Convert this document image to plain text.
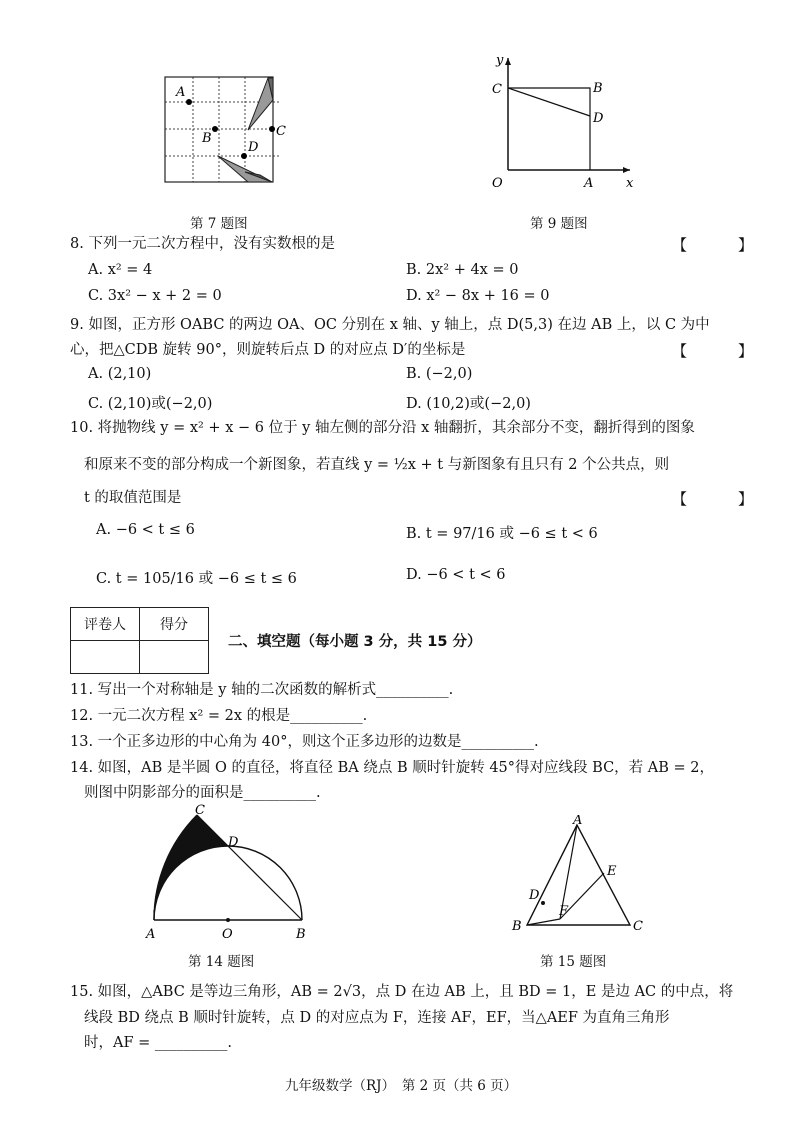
A
B	C
D
第 7 题图
y
x
O	A
B
C
D
第 9 题图
8. 下列一元二次方程中，没有实数根的是	【　】
A. x² = 4	B. 2x² + 4x = 0
C. 3x² − x + 2 = 0	D. x² − 8x + 16 = 0
9. 如图，正方形 OABC 的两边 OA、OC 分别在 x 轴、y 轴上，点 D(5,3) 在边 AB 上，以 C 为中
心，把△CDB 旋转 90°，则旋转后点 D 的对应点 D′的坐标是	【　】
A. (2,10)	B. (−2,0)
C. (2,10)或(−2,0)	D. (10,2)或(−2,0)
10. 将抛物线 y = x² + x − 6 位于 y 轴左侧的部分沿 x 轴翻折，其余部分不变，翻折得到的图象
和原来不变的部分构成一个新图象，若直线 y = ½x + t 与新图象有且只有 2 个公共点，则
t 的取值范围是	【　】
A. −6 < t ≤ 6	B. t = 97/16 或 −6 ≤ t < 6
C. t = 105/16 或 −6 ≤ t ≤ 6	D. −6 < t < 6
评卷人	得分

二、填空题（每小题 3 分，共 15 分）
11. 写出一个对称轴是 y 轴的二次函数的解析式__________.
12. 一元二次方程 x² = 2x 的根是__________.
13. 一个正多边形的中心角为 40°，则这个正多边形的边数是__________.
14. 如图，AB 是半圆 O 的直径，将直径 BA 绕点 B 顺时针旋转 45°得对应线段 BC，若 AB = 2，
则图中阴影部分的面积是__________.
A	O	B
C
D
第 14 题图
A
B	C
D
E
F
第 15 题图
15. 如图，△ABC 是等边三角形，AB = 2√3，点 D 在边 AB 上，且 BD = 1，E 是边 AC 的中点，将
线段 BD 绕点 B 顺时针旋转，点 D 的对应点为 F，连接 AF，EF，当△AEF 为直角三角形
时，AF = __________.
九年级数学（RJ）　第 2 页（共 6 页）
